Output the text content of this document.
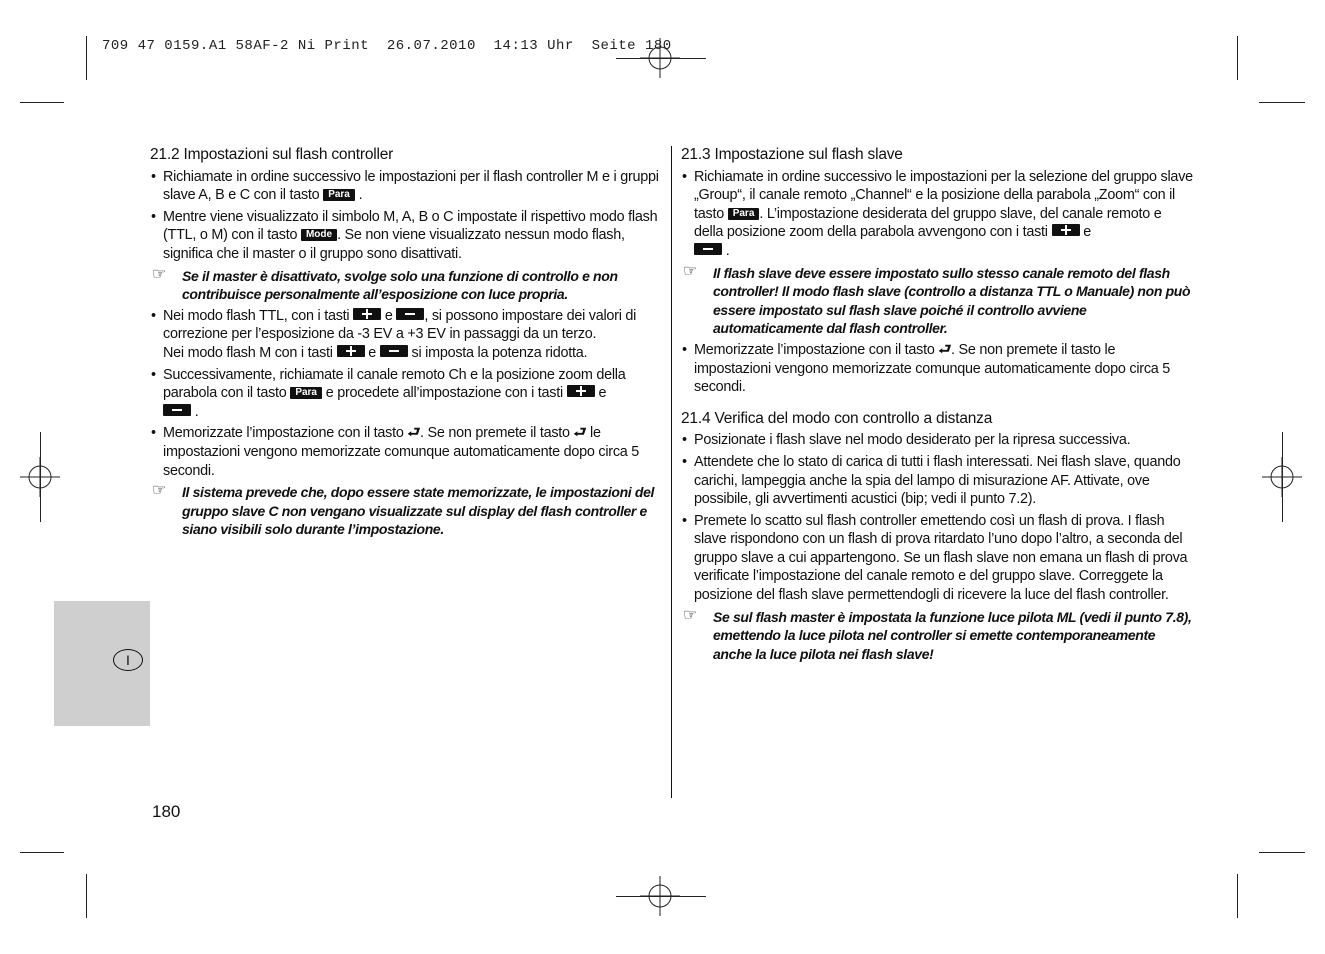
709 47 0159.A1 58AF-2 Ni Print  26.07.2010  14:13 Uhr  Seite 180
I
21.2 Impostazioni sul flash controller
• Richiamate in ordine successivo le impostazioni per il flash controller M e i gruppi slave A, B e C con il tasto Para .
• Mentre viene visualizzato il simbolo M, A, B o C impostate il rispettivo modo flash (TTL, o M) con il tasto Mode . Se non viene visualizzato nessun modo flash, significa che il master o il gruppo sono disattivati.
☞ Se il master è disattivato, svolge solo una funzione di controllo e non contribuisce personalmente all’esposizione con luce propria.
• Nei modo flash TTL, con i tasti e , si possono impostare dei valori di correzione per l’esposizione da -3 EV a +3 EV in passaggi da un terzo.
Nei modo flash M con i tasti e si imposta la potenza ridotta.
• Successivamente, richiamate il canale remoto Ch e la posizione zoom della parabola con il tasto Para e procedete all’impostazione con i tasti e
.
• Memorizzate l’impostazione con il tasto ⮐. Se non premete il tasto ⮐ le impostazioni vengono memorizzate comunque automaticamente dopo circa 5 secondi.
☞ Il sistema prevede che, dopo essere state memorizzate, le impostazioni del gruppo slave C non vengano visualizzate sul display del flash controller e siano visibili solo durante l’impostazione.
21.3 Impostazione sul flash slave
• Richiamate in ordine successivo le impostazioni per la selezione del gruppo slave „Group“, il canale remoto „Channel“ e la posizione della parabola „Zoom“ con il tasto Para . L’impostazione desiderata del gruppo slave, del canale remoto e della posizione zoom della parabola avvengono con i tasti e
.
☞ Il flash slave deve essere impostato sullo stesso canale remoto del flash controller! Il modo flash slave (controllo a distanza TTL o Manuale) non può essere impostato sul flash slave poiché il controllo avviene automaticamente dal flash controller.
• Memorizzate l’impostazione con il tasto ⮐. Se non premete il tasto le impostazioni vengono memorizzate comunque automaticamente dopo circa 5 secondi.
21.4 Verifica del modo con controllo a distanza
• Posizionate i flash slave nel modo desiderato per la ripresa successiva.
• Attendete che lo stato di carica di tutti i flash interessati. Nei flash slave, quando carichi, lampeggia anche la spia del lampo di misurazione AF. Attivate, ove possibile, gli avvertimenti acustici (bip; vedi il punto 7.2).
• Premete lo scatto sul flash controller emettendo così un flash di prova. I flash slave rispondono con un flash di prova ritardato l’uno dopo l’altro, a seconda del gruppo slave a cui appartengono. Se un flash slave non emana un flash di prova verificate l’impostazione del canale remoto e del gruppo slave. Correggete la posizione del flash slave permettendogli di ricevere la luce del flash controller.
☞ Se sul flash master è impostata la funzione luce pilota ML (vedi il punto 7.8), emettendo la luce pilota nel controller si emette contemporaneamente anche la luce pilota nei flash slave!
180
